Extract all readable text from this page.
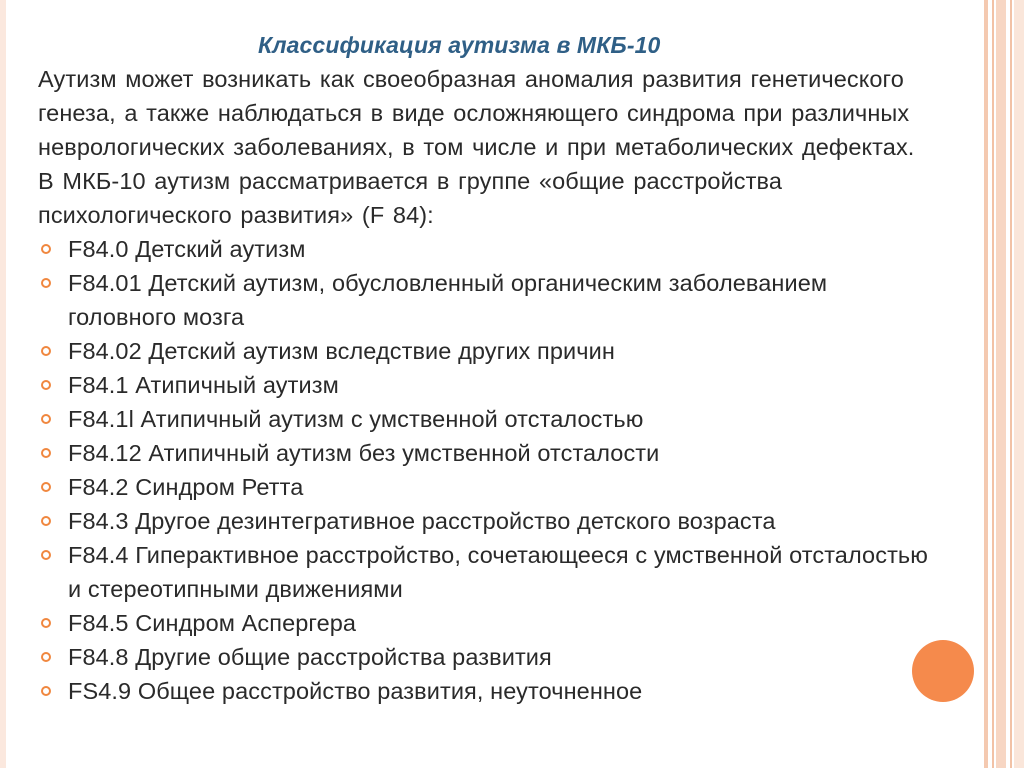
Классификация аутизма в МКБ-10

Аутизм может возникать как своеобразная аномалия развития генетического генеза, а также наблюдаться в виде осложняющего синдрома при различных неврологических заболеваниях, в том числе и при метаболических дефектах.

В МКБ-10 аутизм рассматривается в группе «общие расстройства психологического развития» (F 84):

F84.0 Детский аутизм
F84.01 Детский аутизм, обусловленный органическим заболеванием головного мозга
F84.02 Детский аутизм вследствие других причин
F84.1 Атипичный аутизм
F84.1l Атипичный аутизм с умственной отсталостью
F84.12 Атипичный аутизм без умственной отсталости
F84.2 Синдром Ретта
F84.3 Другое дезинтегративное расстройство детского возраста
F84.4 Гиперактивное расстройство, сочетающееся с умственной отсталостью и стереотипными движениями
F84.5 Синдром Аспергера
F84.8 Другие общие расстройства развития
FS4.9 Общее расстройство развития, неуточненное
